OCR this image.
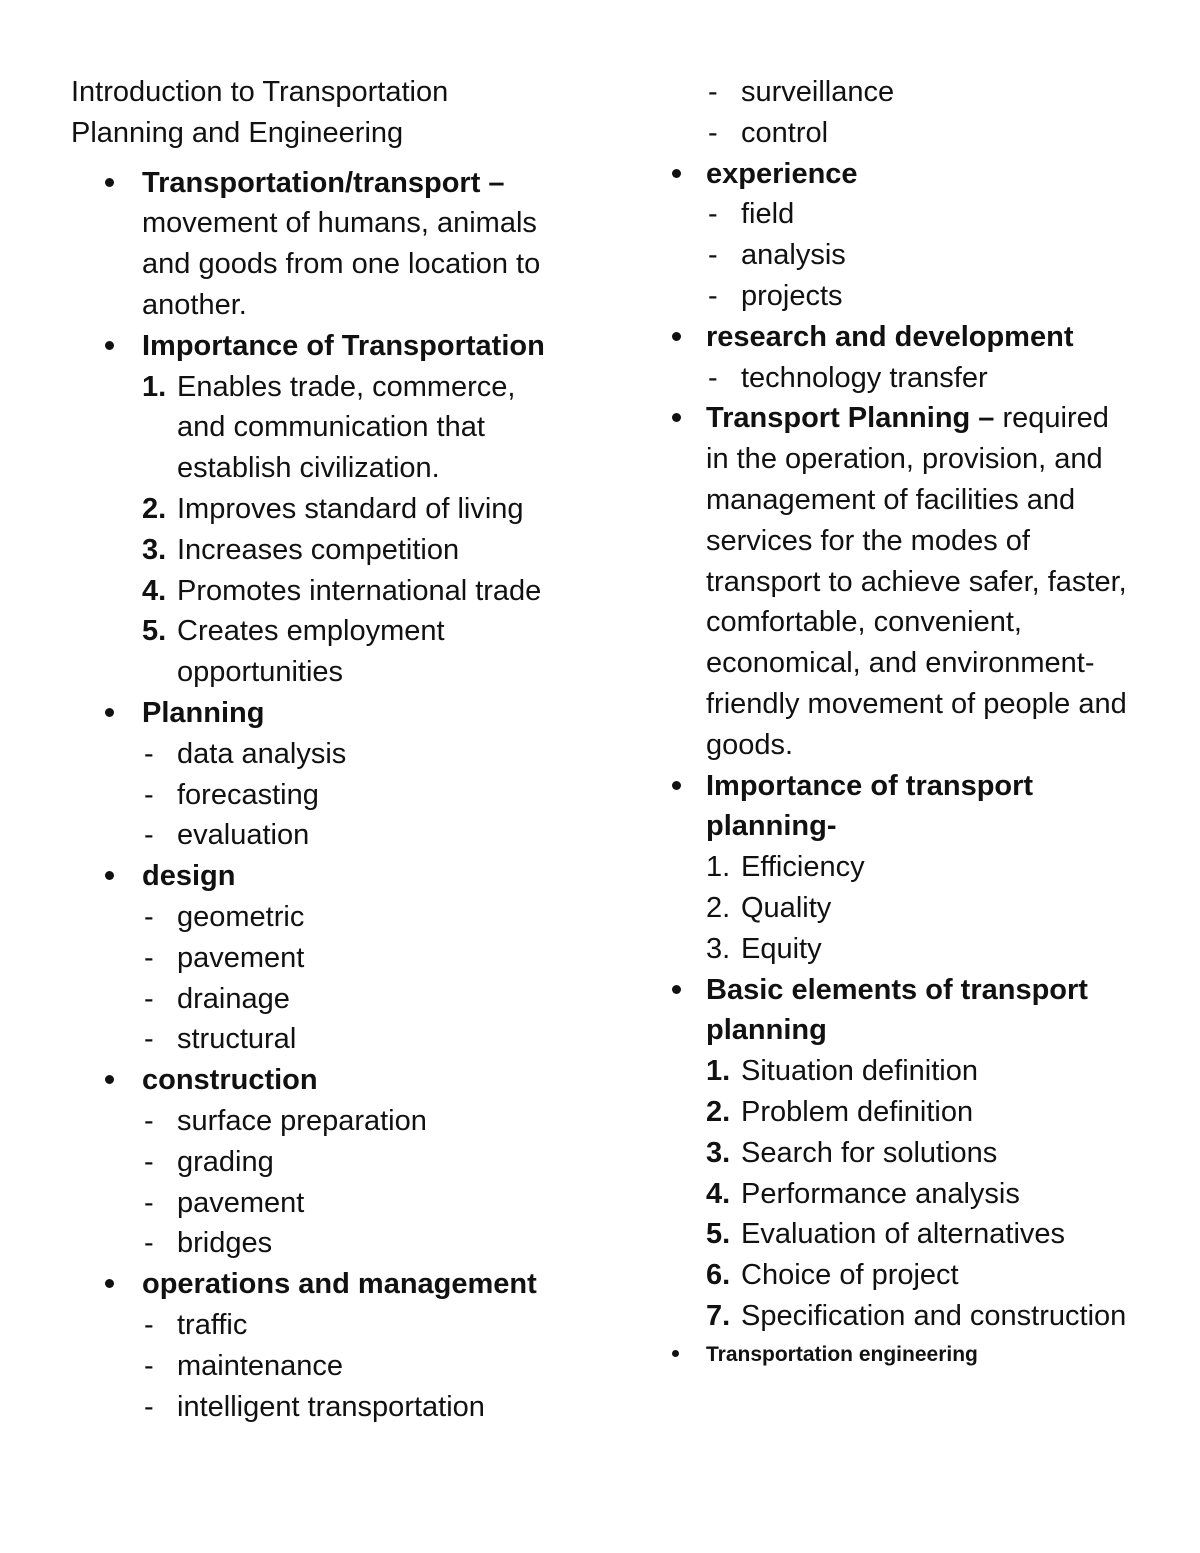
Introduction to Transportation Planning and Engineering
Transportation/transport – movement of humans, animals and goods from one location to another.
Importance of Transportation
1. Enables trade, commerce, and communication that establish civilization.
2. Improves standard of living
3. Increases competition
4. Promotes international trade
5. Creates employment opportunities
Planning
- data analysis
- forecasting
- evaluation
design
- geometric
- pavement
- drainage
- structural
construction
- surface preparation
- grading
- pavement
- bridges
operations and management
- traffic
- maintenance
- intelligent transportation
- surveillance
- control
experience
- field
- analysis
- projects
research and development
- technology transfer
Transport Planning – required in the operation, provision, and management of facilities and services for the modes of transport to achieve safer, faster, comfortable, convenient, economical, and environment-friendly movement of people and goods.
Importance of transport planning-
1. Efficiency
2. Quality
3. Equity
Basic elements of transport planning
1. Situation definition
2. Problem definition
3. Search for solutions
4. Performance analysis
5. Evaluation of alternatives
6. Choice of project
7. Specification and construction
Transportation engineering
